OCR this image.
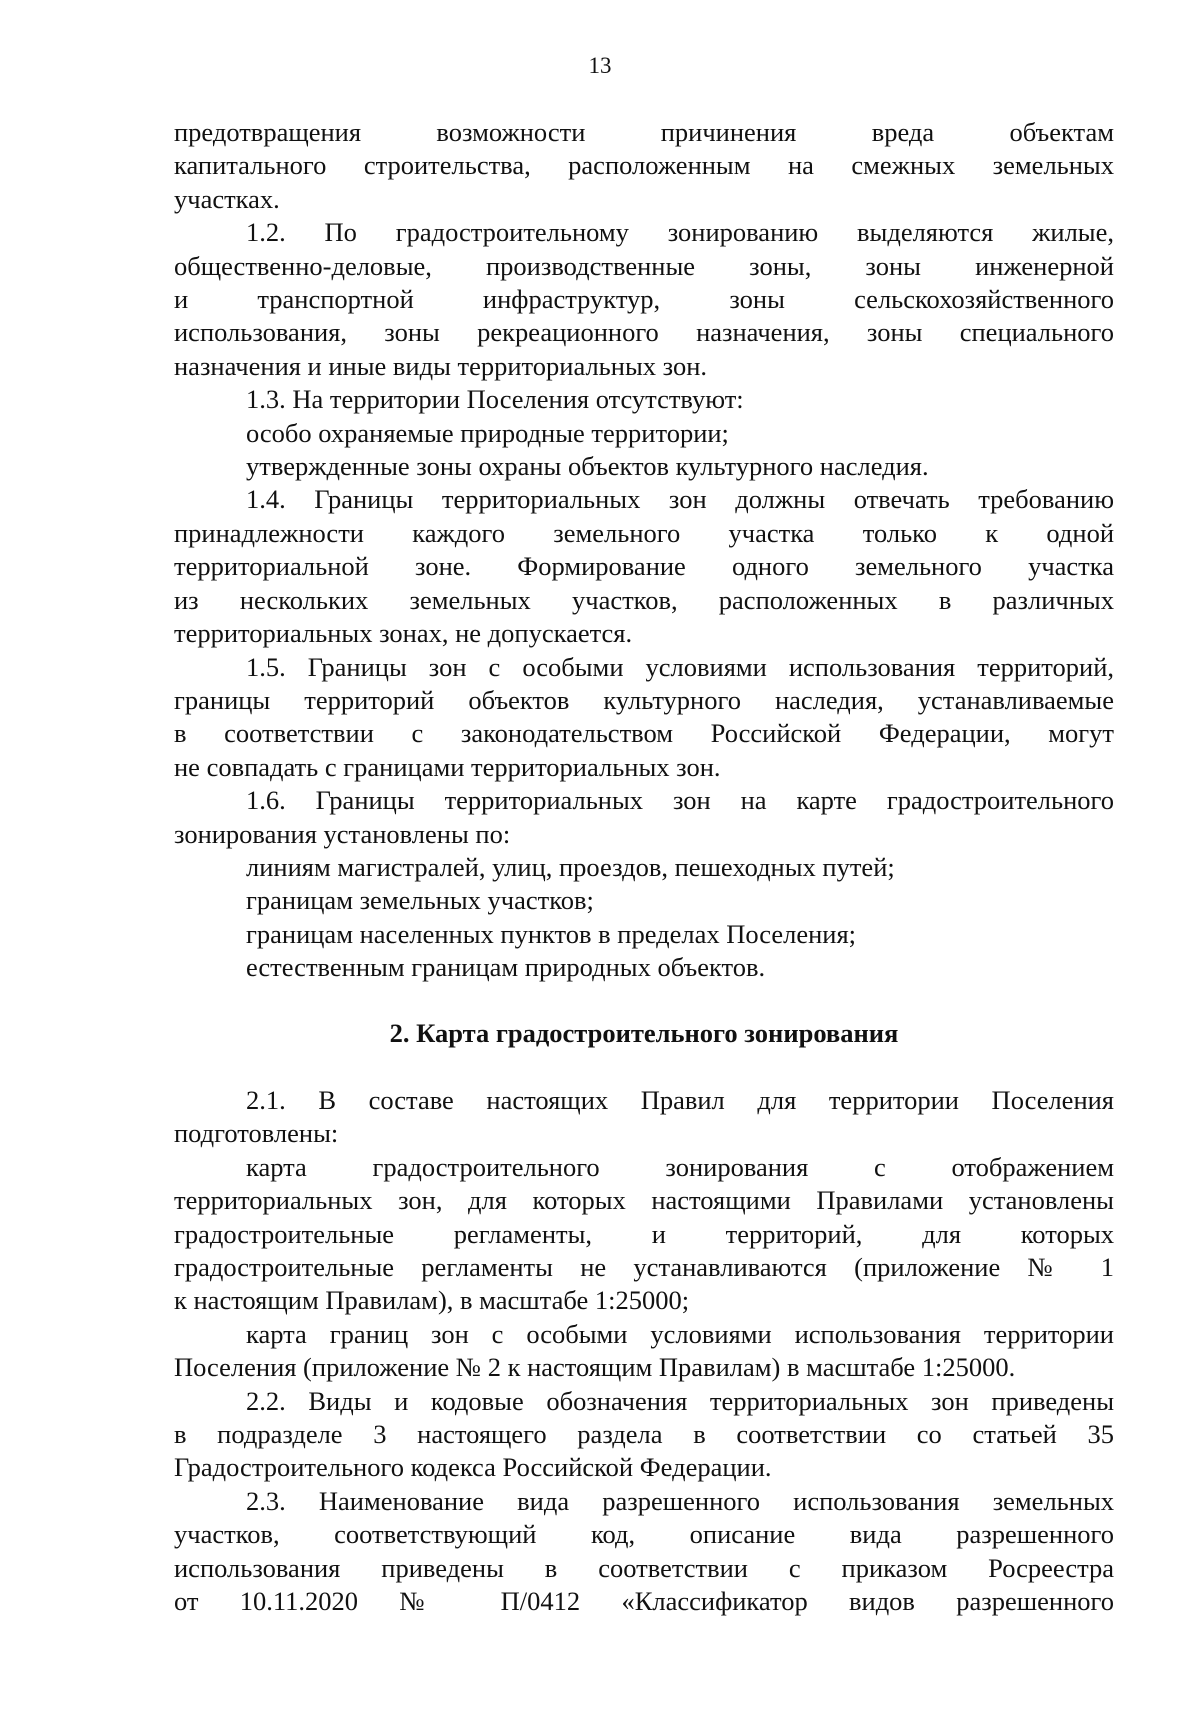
13

предотвращения возможности причинения вреда объектам

капитального строительства, расположенным на смежных земельных

участках.

1.2. По градостроительному зонированию выделяются жилые,

общественно-деловые, производственные зоны, зоны инженерной

и транспортной инфраструктур, зоны сельскохозяйственного

использования, зоны рекреационного назначения, зоны специального

назначения и иные виды территориальных зон.

1.3. На территории Поселения отсутствуют:

особо охраняемые природные территории;

утвержденные зоны охраны объектов культурного наследия.

1.4. Границы территориальных зон должны отвечать требованию

принадлежности каждого земельного участка только к одной

территориальной зоне. Формирование одного земельного участка

из нескольких земельных участков, расположенных в различных

территориальных зонах, не допускается.

1.5. Границы зон с особыми условиями использования территорий,

границы территорий объектов культурного наследия, устанавливаемые

в соответствии с законодательством Российской Федерации, могут

не совпадать с границами территориальных зон.

1.6. Границы территориальных зон на карте градостроительного

зонирования установлены по:

линиям магистралей, улиц, проездов, пешеходных путей;

границам земельных участков;

границам населенных пунктов в пределах Поселения;

естественным границам природных объектов.

2. Карта градостроительного зонирования

2.1. В составе настоящих Правил для территории Поселения

подготовлены:

карта градостроительного зонирования с отображением

территориальных зон, для которых настоящими Правилами установлены

градостроительные регламенты, и территорий, для которых

градостроительные регламенты не устанавливаются (приложение № 1

к настоящим Правилам), в масштабе 1:25000;

карта границ зон с особыми условиями использования территории

Поселения (приложение № 2 к настоящим Правилам) в масштабе 1:25000.

2.2. Виды и кодовые обозначения территориальных зон приведены

в подразделе 3 настоящего раздела в соответствии со статьей 35

Градостроительного кодекса Российской Федерации.

2.3. Наименование вида разрешенного использования земельных

участков, соответствующий код, описание вида разрешенного

использования приведены в соответствии с приказом Росреестра

от 10.11.2020 № П/0412 «Классификатор видов разрешенного
